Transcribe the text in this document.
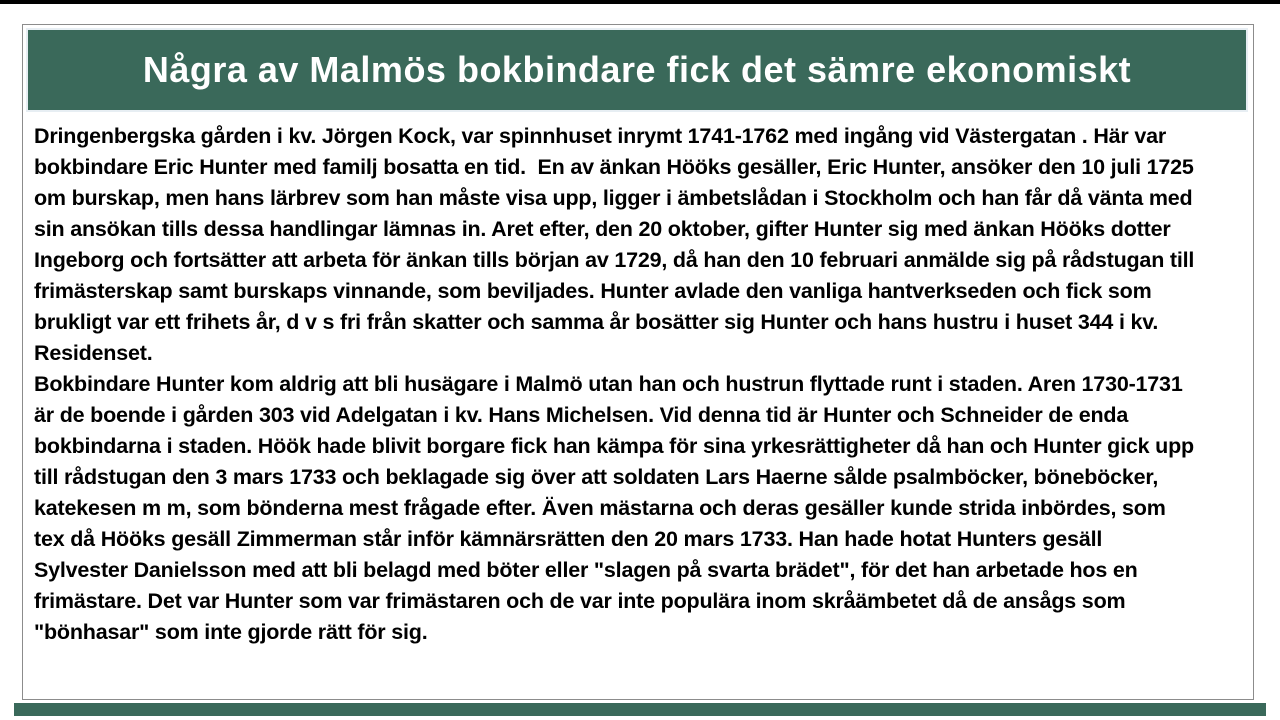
Några av Malmös bokbindare fick det sämre ekonomiskt
Dringenbergska gården i kv. Jörgen Kock, var spinnhuset inrymt 1741-1762 med ingång vid Västergatan . Här var
bokbindare Eric Hunter med familj bosatta en tid.  En av änkan Hööks gesäller, Eric Hunter, ansöker den 10 juli 1725
om burskap, men hans lärbrev som han måste visa upp, ligger i ämbetslådan i Stockholm och han får då vänta med
sin ansökan tills dessa handlingar lämnas in. Aret efter, den 20 oktober, gifter Hunter sig med änkan Hööks dotter
Ingeborg och fortsätter att arbeta för änkan tills början av 1729, då han den 10 februari anmälde sig på rådstugan till
frimästerskap samt burskaps vinnande, som beviljades. Hunter avlade den vanliga hantverkseden och fick som
brukligt var ett frihets år, d v s fri från skatter och samma år bosätter sig Hunter och hans hustru i huset 344 i kv.
Residenset.
Bokbindare Hunter kom aldrig att bli husägare i Malmö utan han och hustrun flyttade runt i staden. Aren 1730-1731
är de boende i gården 303 vid Adelgatan i kv. Hans Michelsen. Vid denna tid är Hunter och Schneider de enda
bokbindarna i staden. Höök hade blivit borgare fick han kämpa för sina yrkesrättigheter då han och Hunter gick upp
till rådstugan den 3 mars 1733 och beklagade sig över att soldaten Lars Haerne sålde psalmböcker, böneböcker,
katekesen m m, som bönderna mest frågade efter. Även mästarna och deras gesäller kunde strida inbördes, som
tex då Hööks gesäll Zimmerman står inför kämnärsrätten den 20 mars 1733. Han hade hotat Hunters gesäll
Sylvester Danielsson med att bli belagd med böter eller "slagen på svarta brädet", för det han arbetade hos en
frimästare. Det var Hunter som var frimästaren och de var inte populära inom skråämbetet då de ansågs som
"bönhasar" som inte gjorde rätt för sig.
